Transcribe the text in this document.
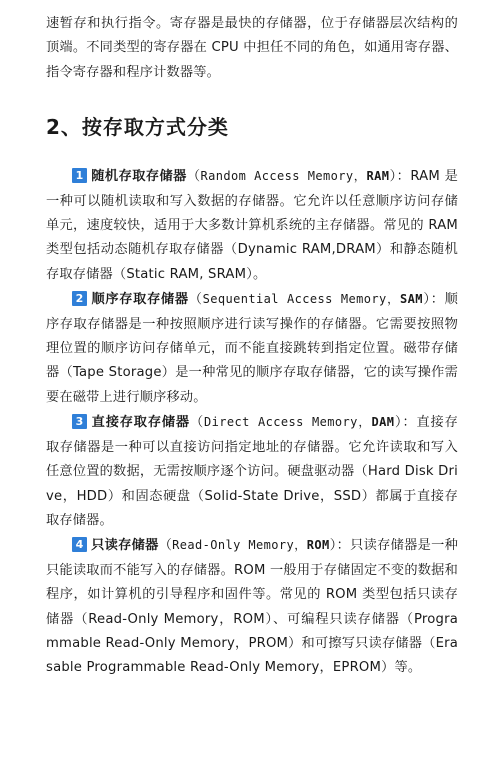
速暂存和执行指令。寄存器是最快的存储器，位于存储器层次结构的顶端。不同类型的寄存器在 CPU 中担任不同的角色，如通用寄存器、指令寄存器和程序计数器等。

2、按存取方式分类

1 随机存取存储器（Random Access Memory，RAM）：RAM 是一种可以随机读取和写入数据的存储器。它允许以任意顺序访问存储单元，速度较快，适用于大多数计算机系统的主存储器。常见的 RAM 类型包括动态随机存取存储器（Dynamic RAM,DRAM）和静态随机存取存储器（Static RAM, SRAM）。

2 顺序存取存储器（Sequential Access Memory，SAM）：顺序存取存储器是一种按照顺序进行读写操作的存储器。它需要按照物理位置的顺序访问存储单元，而不能直接跳转到指定位置。磁带存储器（Tape Storage）是一种常见的顺序存取存储器，它的读写操作需要在磁带上进行顺序移动。

3 直接存取存储器（Direct Access Memory，DAM）：直接存取存储器是一种可以直接访问指定地址的存储器。它允许读取和写入任意位置的数据，无需按顺序逐个访问。硬盘驱动器（Hard Disk Drive，HDD）和固态硬盘（Solid-State Drive，SSD）都属于直接存取存储器。

4 只读存储器（Read-Only Memory，ROM）：只读存储器是一种只能读取而不能写入的存储器。ROM 一般用于存储固定不变的数据和程序，如计算机的引导程序和固件等。常见的 ROM 类型包括只读存储器（Read-Only Memory，ROM）、可编程只读存储器（Programmable Read-Only Memory，PROM）和可擦写只读存储器（Erasable Programmable Read-Only Memory，EPROM）等。
